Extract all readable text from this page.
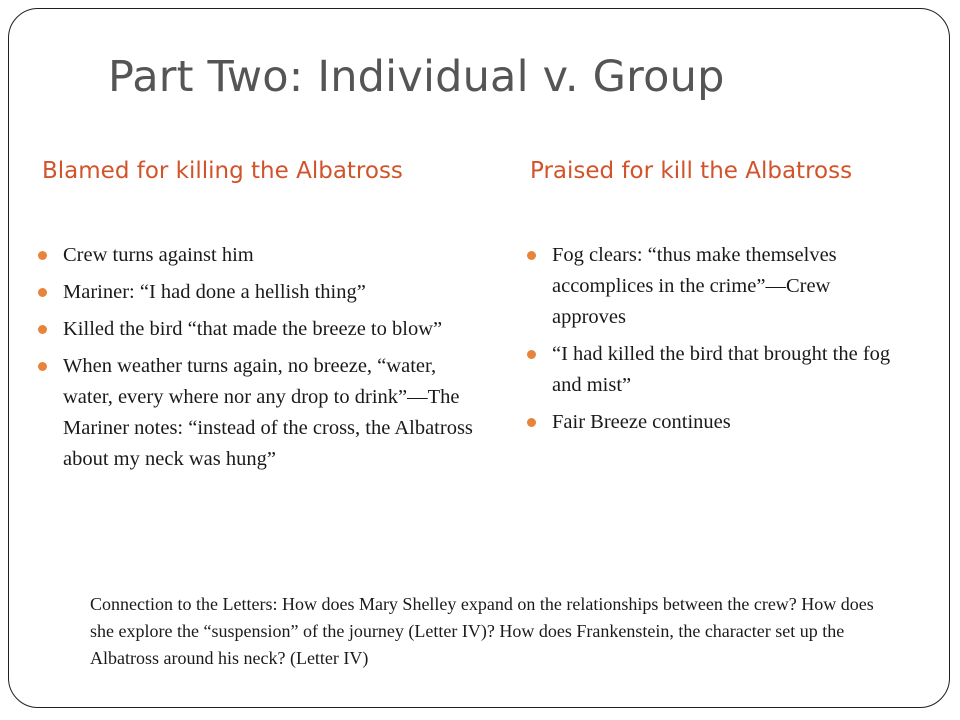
Part Two: Individual v. Group
Blamed for killing the Albatross	Praised for kill the Albatross
Crew turns against him
Mariner: “I had done a hellish thing”
Killed the bird “that made the breeze to blow”
When weather turns again, no breeze, “water, water, every where nor any drop to drink”—The Mariner notes: “instead of the cross, the Albatross about my neck was hung”
Fog clears: “thus make themselves accomplices in the crime”—Crew approves
“I had killed the bird that brought the fog and mist”
Fair Breeze continues
Connection to the Letters: How does Mary Shelley expand on the relationships between the crew? How does she explore the “suspension” of the journey (Letter IV)? How does Frankenstein, the character set up the Albatross around his neck? (Letter IV)
